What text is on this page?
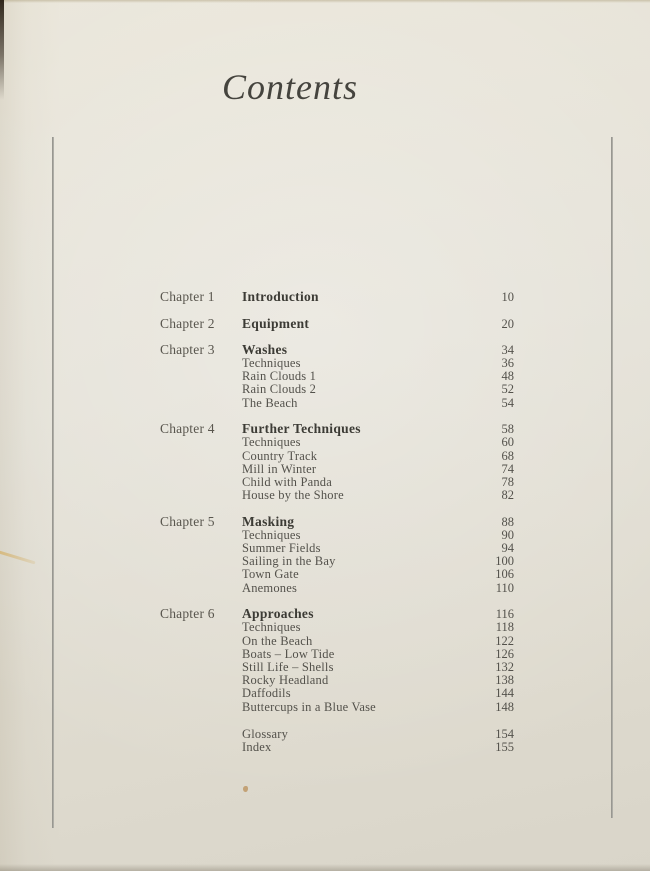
Contents
Chapter 1	Introduction	10
Chapter 2	Equipment	20
Chapter 3	Washes	34
Techniques	36
Rain Clouds 1	48
Rain Clouds 2	52
The Beach	54
Chapter 4	Further Techniques	58
Techniques	60
Country Track	68
Mill in Winter	74
Child with Panda	78
House by the Shore	82
Chapter 5	Masking	88
Techniques	90
Summer Fields	94
Sailing in the Bay	100
Town Gate	106
Anemones	110
Chapter 6	Approaches	116
Techniques	118
On the Beach	122
Boats – Low Tide	126
Still Life – Shells	132
Rocky Headland	138
Daffodils	144
Buttercups in a Blue Vase	148
Glossary	154
Index	155
